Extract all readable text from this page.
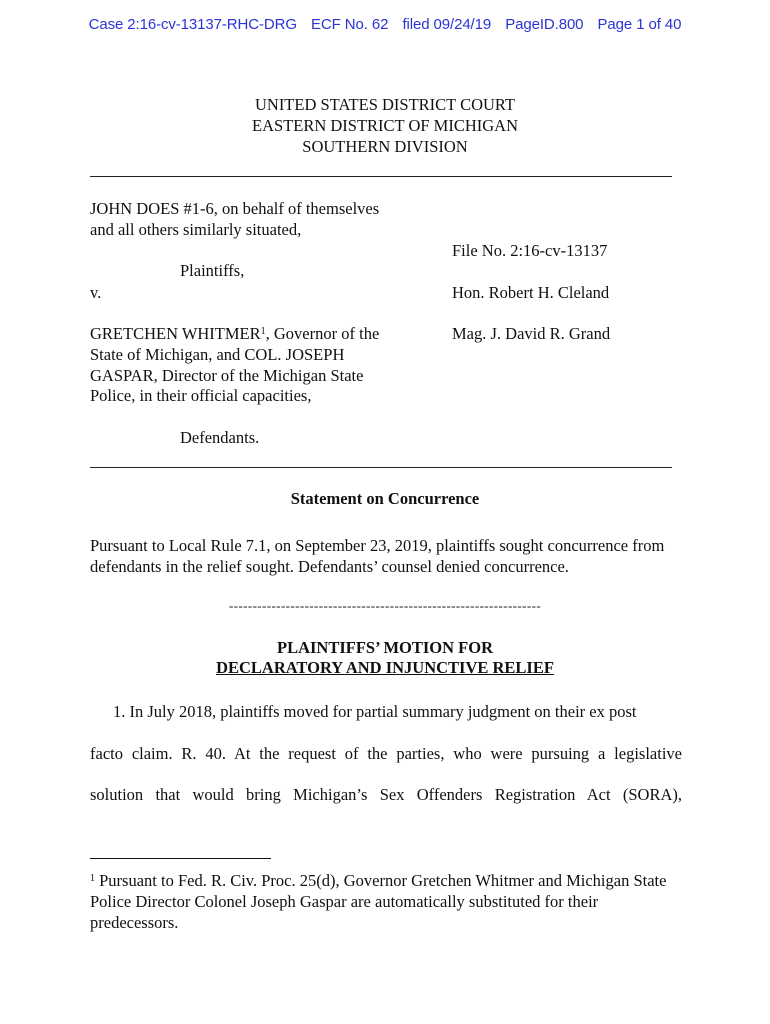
Case 2:16-cv-13137-RHC-DRG ECF No. 62 filed 09/24/19 PageID.800 Page 1 of 40
UNITED STATES DISTRICT COURT
EASTERN DISTRICT OF MICHIGAN
SOUTHERN DIVISION
JOHN DOES #1-6, on behalf of themselves
and all others similarly situated,
Plaintiffs,
v.
GRETCHEN WHITMER$^1$, Governor of the
State of Michigan, and COL. JOSEPH
GASPAR, Director of the Michigan State
Police, in their official capacities,
Defendants.
File No. 2:16-cv-13137
Hon. Robert H. Cleland
Mag. J. David R. Grand
Statement on Concurrence
Pursuant to Local Rule 7.1, on September 23, 2019, plaintiffs sought concurrence from defendants in the relief sought. Defendants’ counsel denied concurrence.
------------------------------------------------------------------
PLAINTIFFS’ MOTION FOR
DECLARATORY AND INJUNCTIVE RELIEF
1. In July 2018, plaintiffs moved for partial summary judgment on their ex post
facto claim. R. 40. At the request of the parties, who were pursuing a legislative
solution that would bring Michigan’s Sex Offenders Registration Act (SORA),
$^1$ Pursuant to Fed. R. Civ. Proc. 25(d), Governor Gretchen Whitmer and Michigan State Police Director Colonel Joseph Gaspar are automatically substituted for their predecessors.
